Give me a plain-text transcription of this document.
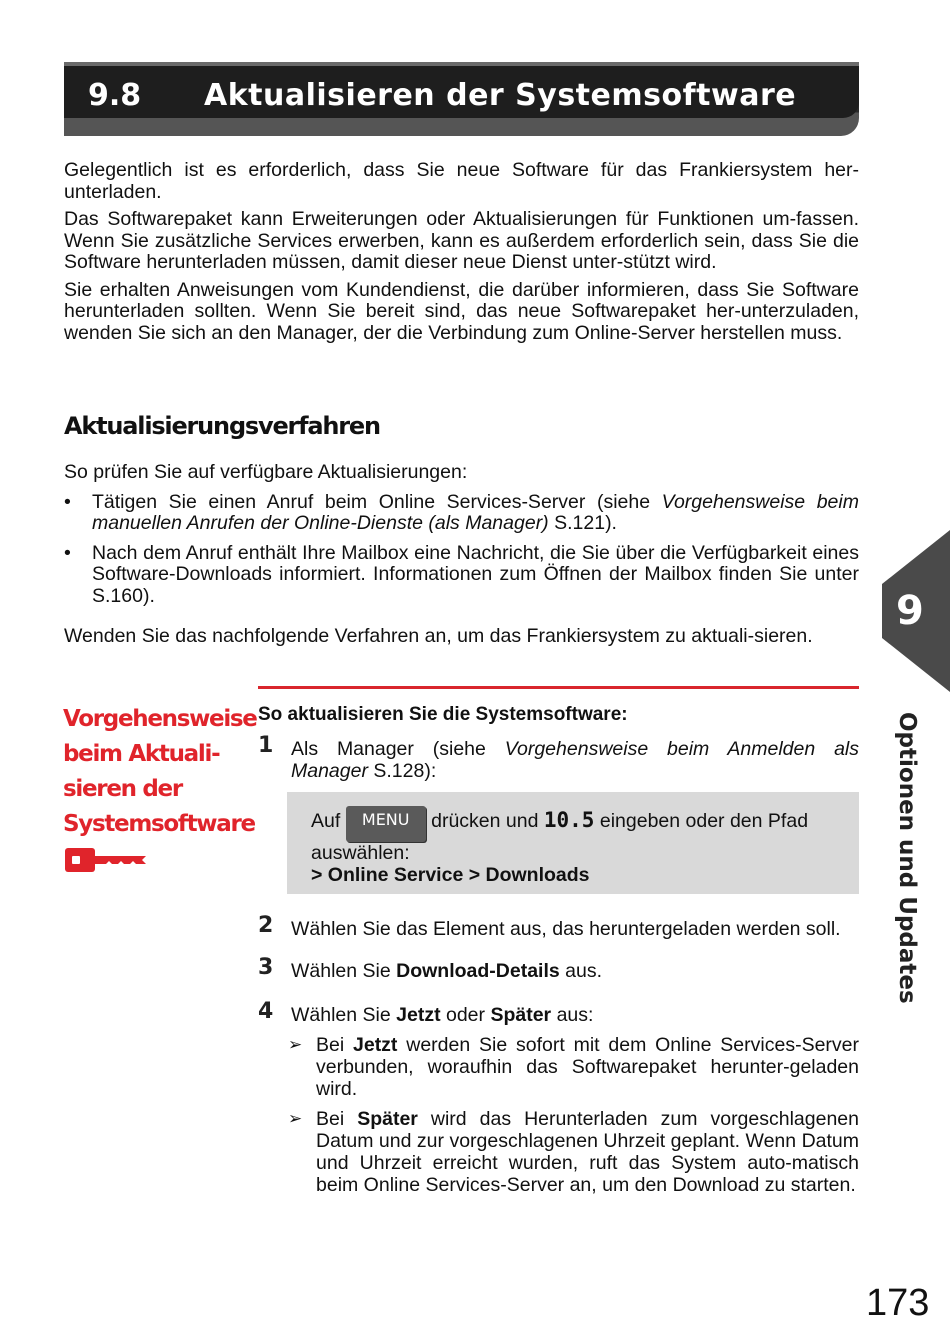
9.8 Aktualisieren der Systemsoftware

Gelegentlich ist es erforderlich, dass Sie neue Software für das Frankiersystem her-unterladen.

Das Softwarepaket kann Erweiterungen oder Aktualisierungen für Funktionen um-fassen. Wenn Sie zusätzliche Services erwerben, kann es außerdem erforderlich sein, dass Sie die Software herunterladen müssen, damit dieser neue Dienst unter-stützt wird.

Sie erhalten Anweisungen vom Kundendienst, die darüber informieren, dass Sie Software herunterladen sollten. Wenn Sie bereit sind, das neue Softwarepaket her-unterzuladen, wenden Sie sich an den Manager, der die Verbindung zum Online-Server herstellen muss.

Aktualisierungsverfahren

So prüfen Sie auf verfügbare Aktualisierungen:

• Tätigen Sie einen Anruf beim Online Services-Server (siehe Vorgehensweise beim manuellen Anrufen der Online-Dienste (als Manager) S.121).
• Nach dem Anruf enthält Ihre Mailbox eine Nachricht, die Sie über die Verfügbarkeit eines Software-Downloads informiert. Informationen zum Öffnen der Mailbox finden Sie unter S.160).

Wenden Sie das nachfolgende Verfahren an, um das Frankiersystem zu aktuali-sieren.

Vorgehensweise
beim Aktuali-
sieren der
Systemsoftware
So aktualisieren Sie die Systemsoftware:
1 Als Manager (siehe Vorgehensweise beim Anmelden als Manager S.128):
Auf MENU drücken und 10.5 eingeben oder den Pfad auswählen:
> Online Service > Downloads
2 Wählen Sie das Element aus, das heruntergeladen werden soll.
3 Wählen Sie Download-Details aus.
4 Wählen Sie Jetzt oder Später aus:
➢ Bei Jetzt werden Sie sofort mit dem Online Services-Server verbunden, woraufhin das Softwarepaket herunter-geladen wird.
➢ Bei Später wird das Herunterladen zum vorgeschlagenen Datum und zur vorgeschlagenen Uhrzeit geplant. Wenn Datum und Uhrzeit erreicht wurden, ruft das System auto-matisch beim Online Services-Server an, um den Download zu starten.
9
Optionen und Updates
173
